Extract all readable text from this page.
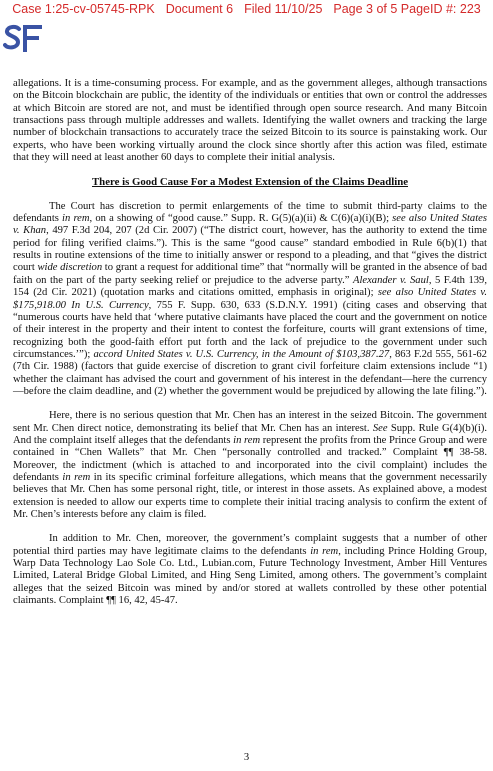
Case 1:25-cv-05745-RPK Document 6 Filed 11/10/25 Page 3 of 5 PageID #: 223

allegations. It is a time-consuming process. For example, and as the government alleges, although transactions on the Bitcoin blockchain are public, the identity of the individuals or entities that own or control the addresses at which Bitcoin are stored are not, and must be identified through open source research. And many Bitcoin transactions pass through multiple addresses and wallets. Identifying the wallet owners and tracking the large number of blockchain transactions to accurately trace the seized Bitcoin to its source is painstaking work. Our experts, who have been working virtually around the clock since shortly after this action was filed, estimate that they will need at least another 60 days to complete their initial analysis.

There is Good Cause For a Modest Extension of the Claims Deadline

The Court has discretion to permit enlargements of the time to submit third-party claims to the defendants in rem, on a showing of “good cause.” Supp. R. G(5)(a)(ii) & C(6)(a)(i)(B); see also United States v. Khan, 497 F.3d 204, 207 (2d Cir. 2007) (“The district court, however, has the authority to extend the time period for filing verified claims.”). This is the same “good cause” standard embodied in Rule 6(b)(1) that results in routine extensions of the time to initially answer or respond to a pleading, and that “gives the district court wide discretion to grant a request for additional time” that “normally will be granted in the absence of bad faith on the part of the party seeking relief or prejudice to the adverse party.” Alexander v. Saul, 5 F.4th 139, 154 (2d Cir. 2021) (quotation marks and citations omitted, emphasis in original); see also United States v. $175,918.00 In U.S. Currency, 755 F. Supp. 630, 633 (S.D.N.Y. 1991) (citing cases and observing that “numerous courts have held that ‘where putative claimants have placed the court and the government on notice of their interest in the property and their intent to contest the forfeiture, courts will grant extensions of time, recognizing both the good-faith effort put forth and the lack of prejudice to the government under such circumstances.’”); accord United States v. U.S. Currency, in the Amount of $103,387.27, 863 F.2d 555, 561-62 (7th Cir. 1988) (factors that guide exercise of discretion to grant civil forfeiture claim extensions include “1) whether the claimant has advised the court and government of his interest in the defendant—here the currency—before the claim deadline, and (2) whether the government would be prejudiced by allowing the late filing.”).

Here, there is no serious question that Mr. Chen has an interest in the seized Bitcoin. The government sent Mr. Chen direct notice, demonstrating its belief that Mr. Chen has an interest. See Supp. Rule G(4)(b)(i). And the complaint itself alleges that the defendants in rem represent the profits from the Prince Group and were contained in “Chen Wallets” that Mr. Chen “personally controlled and tracked.” Complaint ¶¶ 38-58. Moreover, the indictment (which is attached to and incorporated into the civil complaint) includes the defendants in rem in its specific criminal forfeiture allegations, which means that the government necessarily believes that Mr. Chen has some personal right, title, or interest in those assets. As explained above, a modest extension is needed to allow our experts time to complete their initial tracing analysis to confirm the extent of Mr. Chen’s interests before any claim is filed.

In addition to Mr. Chen, moreover, the government’s complaint suggests that a number of other potential third parties may have legitimate claims to the defendants in rem, including Prince Holding Group, Warp Data Technology Lao Sole Co. Ltd., Lubian.com, Future Technology Investment, Amber Hill Ventures Limited, Lateral Bridge Global Limited, and Hing Seng Limited, among others. The government’s complaint alleges that the seized Bitcoin was mined by and/or stored at wallets controlled by these other potential claimants. Complaint ¶¶ 16, 42, 45-47.

3
